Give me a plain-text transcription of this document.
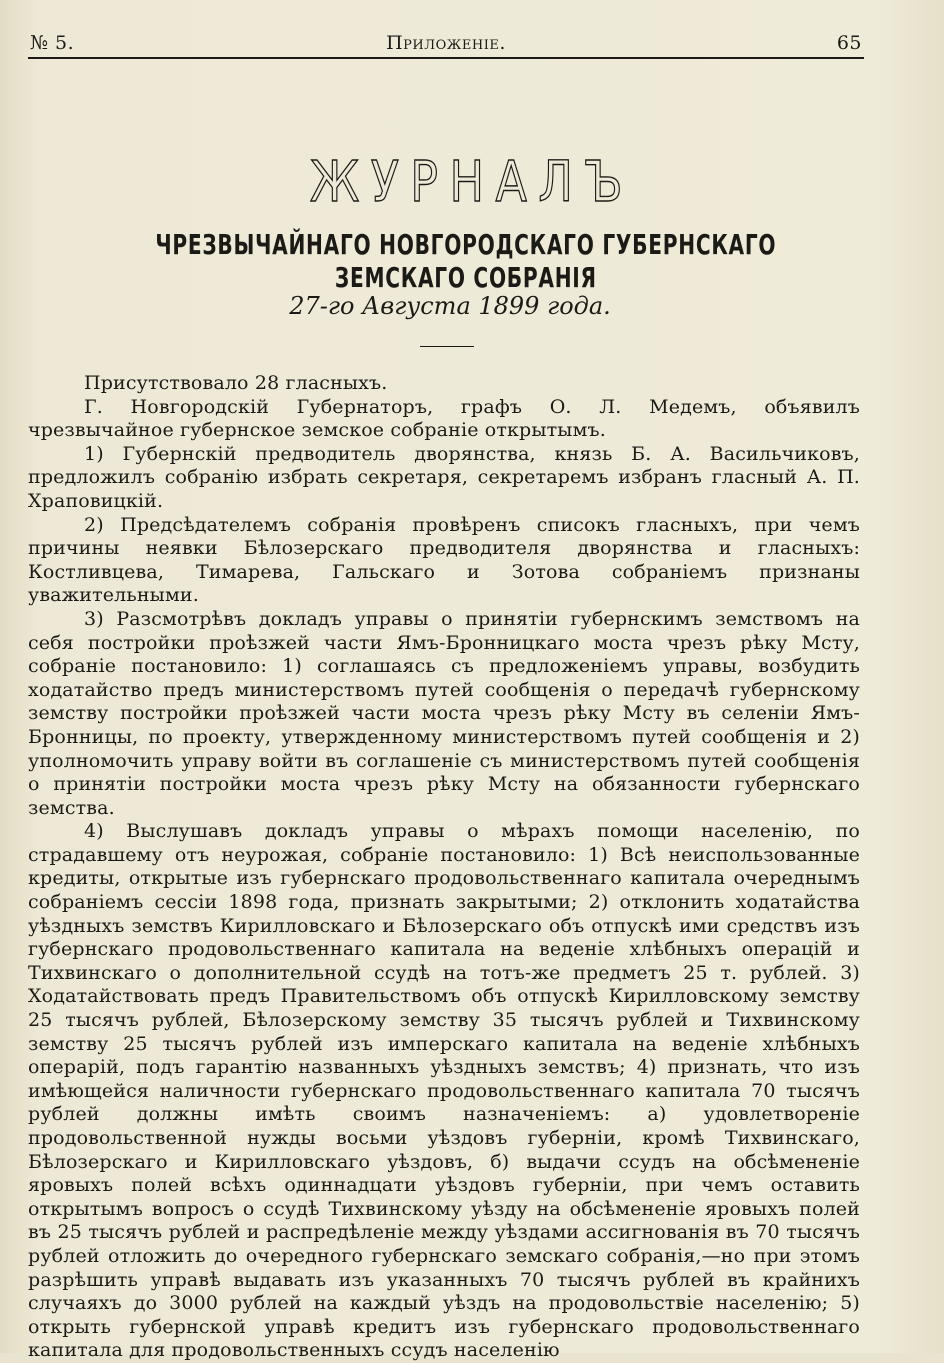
№ 5.	Приложеніе.	65
ЖУРНАЛЪ
ЧРЕЗВЫЧАЙНАГО НОВГОРОДСКАГО ГУБЕРНСКАГО ЗЕМСКАГО СОБРАНІЯ
27-го Августа 1899 года.

Присутствовало 28 гласныхъ.

Г. Новгородскій Губернаторъ, графъ О. Л. Медемъ, объявилъ чрезвычайное губернское земское собраніе открытымъ.

1) Губернскій предводитель дворянства, князь Б. А. Васильчиковъ, предложилъ собранію избрать секретаря, секретаремъ избранъ гласный А. П. Храповицкій.

2) Предсѣдателемъ собранія провѣренъ списокъ гласныхъ, при чемъ причины неявки Бѣлозерскаго предводителя дворянства и гласныхъ: Костливцева, Тимарева, Гальскаго и Зотова собраніемъ признаны уважительными.

3) Разсмотрѣвъ докладъ управы о принятіи губернскимъ земствомъ на себя постройки проѣзжей части Ямъ-Бронницкаго моста чрезъ рѣку Мсту, собраніе постановило: 1) соглашаясь съ предложеніемъ управы, возбудить ходатайство предъ министерствомъ путей сообщенія о передачѣ губернскому земству постройки проѣзжей части моста чрезъ рѣку Мсту въ селеніи Ямъ-Бронницы, по проекту, утвержденному министерствомъ путей сообщенія и 2) уполномочить управу войти въ соглашеніе съ министерствомъ путей сообщенія о принятіи постройки моста чрезъ рѣку Мсту на обязанности губернскаго земства.

4) Выслушавъ докладъ управы о мѣрахъ помощи населенію, по страдавшему отъ неурожая, собраніе постановило: 1) Всѣ неиспользованные кредиты, открытые изъ губернскаго продовольственнаго капитала очереднымъ собраніемъ сессіи 1898 года, признать закрытыми; 2) отклонить ходатайства уѣздныхъ земствъ Кирилловскаго и Бѣлозерскаго объ отпускѣ ими средствъ изъ губернскаго продовольственнаго капитала на веденіе хлѣбныхъ операцій и Тихвинскаго о дополнительной ссудѣ на тотъ-же предметъ 25 т. рублей. 3) Ходатайствовать предъ Правительствомъ объ отпускѣ Кирилловскому земству 25 тысячъ рублей, Бѣлозерскому земству 35 тысячъ рублей и Тихвинскому земству 25 тысячъ рублей изъ имперскаго капитала на веденіе хлѣбныхъ операрій, подъ гарантію названныхъ уѣздныхъ земствъ; 4) признать, что изъ имѣющейся наличности губернскаго продовольственнаго капитала 70 тысячъ рублей должны имѣть своимъ назначеніемъ: а) удовлетвореніе продовольственной нужды восьми уѣздовъ губерніи, кромѣ Тихвинскаго, Бѣлозерскаго и Кирилловскаго уѣздовъ, б) выдачи ссудъ на обсѣмененіе яровыхъ полей всѣхъ одиннадцати уѣздовъ губерніи, при чемъ оставить открытымъ вопросъ о ссудѣ Тихвинскому уѣзду на обсѣмененіе яровыхъ полей въ 25 тысячъ рублей и распредѣленіе между уѣздами ассигнованія въ 70 тысячъ рублей отложить до очередного губернскаго земскаго собранія,—но при этомъ разрѣшить управѣ выдавать изъ указанныхъ 70 тысячъ рублей въ крайнихъ случаяхъ до 3000 рублей на каждый уѣздъ на продовольствіе населенію; 5) открыть губернской управѣ кредитъ изъ губернскаго продовольственнаго капитала для продовольственныхъ ссудъ населенію
